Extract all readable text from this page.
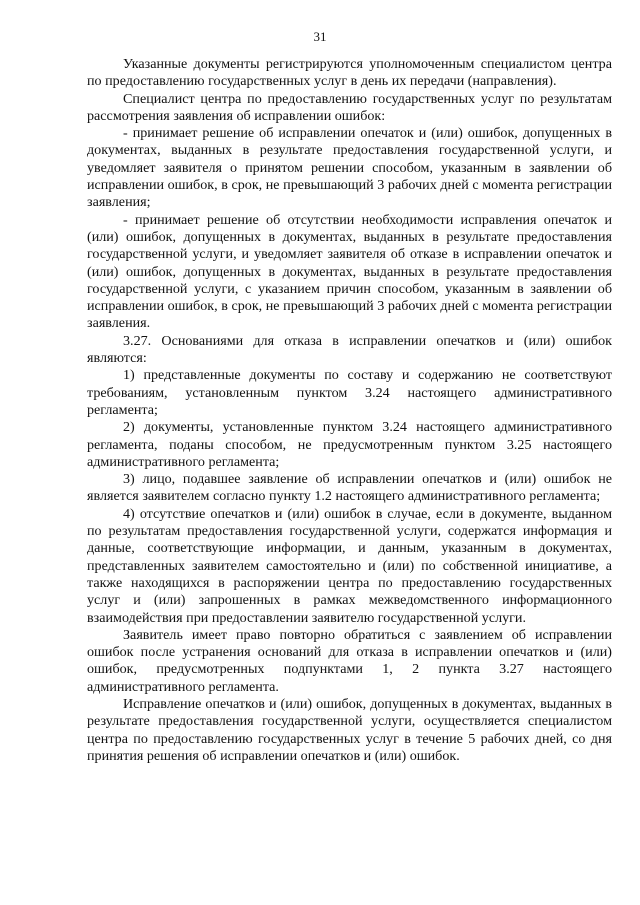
31

Указанные документы регистрируются уполномоченным специалистом центра по предоставлению государственных услуг в день их передачи (направления).

Специалист центра по предоставлению государственных услуг по результатам рассмотрения заявления об исправлении ошибок:

- принимает решение об исправлении опечаток и (или) ошибок, допущенных в документах, выданных в результате предоставления государственной услуги, и уведомляет заявителя о принятом решении способом, указанным в заявлении об исправлении ошибок, в срок, не превышающий 3 рабочих дней с момента регистрации заявления;

- принимает решение об отсутствии необходимости исправления опечаток и (или) ошибок, допущенных в документах, выданных в результате предоставления государственной услуги, и уведомляет заявителя об отказе в исправлении опечаток и (или) ошибок, допущенных в документах, выданных в результате предоставления государственной услуги, с указанием причин способом, указанным в заявлении об исправлении ошибок, в срок, не превышающий 3 рабочих дней с момента регистрации заявления.

3.27. Основаниями для отказа в исправлении опечатков и (или) ошибок являются:

1) представленные документы по составу и содержанию не соответствуют требованиям, установленным пунктом 3.24 настоящего административного регламента;

2) документы, установленные пунктом 3.24 настоящего административного регламента, поданы способом, не предусмотренным пунктом 3.25 настоящего административного регламента;

3) лицо, подавшее заявление об исправлении опечатков и (или) ошибок не является заявителем согласно пункту 1.2 настоящего административного регламента;

4) отсутствие опечатков и (или) ошибок в случае, если в документе, выданном по результатам предоставления государственной услуги, содержатся информация и данные, соответствующие информации, и данным, указанным в документах, представленных заявителем самостоятельно и (или) по собственной инициативе, а также находящихся в распоряжении центра по предоставлению государственных услуг и (или) запрошенных в рамках межведомственного информационного взаимодействия при предоставлении заявителю государственной услуги.

Заявитель имеет право повторно обратиться с заявлением об исправлении ошибок после устранения оснований для отказа в исправлении опечатков и (или) ошибок, предусмотренных подпунктами 1, 2 пункта 3.27 настоящего административного регламента.

Исправление опечатков и (или) ошибок, допущенных в документах, выданных в результате предоставления государственной услуги, осуществляется специалистом центра по предоставлению государственных услуг в течение 5 рабочих дней, со дня принятия решения об исправлении опечатков и (или) ошибок.
